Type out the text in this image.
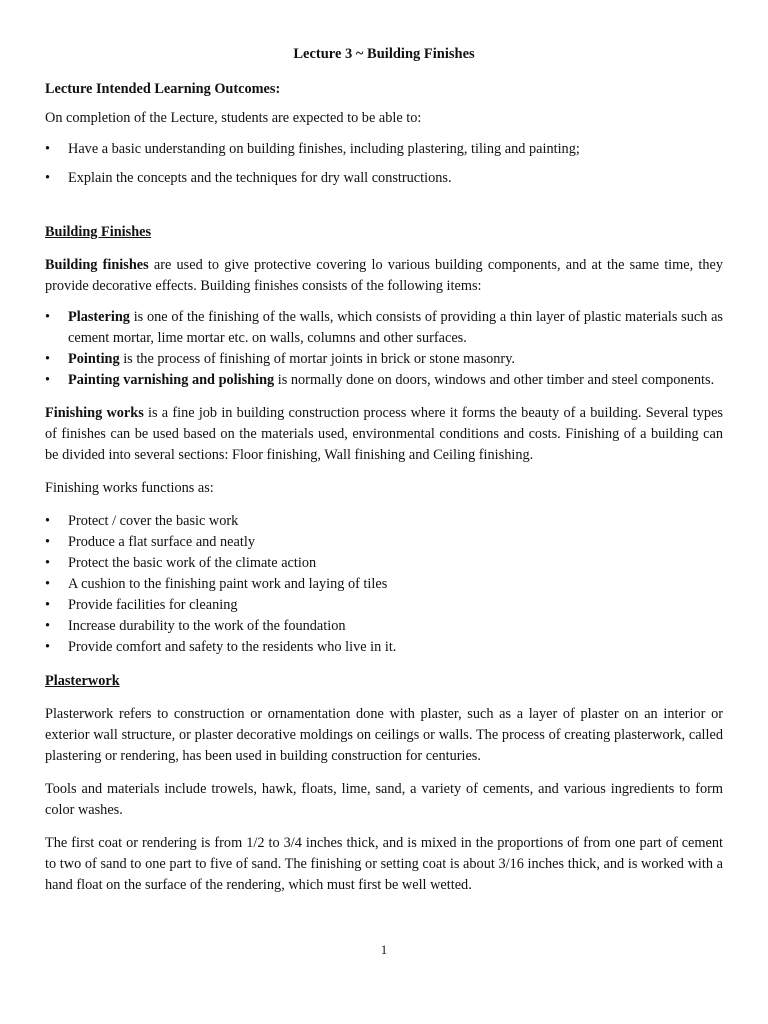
Lecture 3 ~ Building Finishes

Lecture Intended Learning Outcomes:

On completion of the Lecture, students are expected to be able to:

• Have a basic understanding on building finishes, including plastering, tiling and painting;
• Explain the concepts and the techniques for dry wall constructions.

Building Finishes

Building finishes are used to give protective covering lo various building components, and at the same time, they provide decorative effects. Building finishes consists of the following items:

• Plastering is one of the finishing of the walls, which consists of providing a thin layer of plastic materials such as cement mortar, lime mortar etc. on walls, columns and other surfaces.
• Pointing is the process of finishing of mortar joints in brick or stone masonry.
• Painting varnishing and polishing is normally done on doors, windows and other timber and steel components.

Finishing works is a fine job in building construction process where it forms the beauty of a building. Several types of finishes can be used based on the materials used, environmental conditions and costs. Finishing of a building can be divided into several sections: Floor finishing, Wall finishing and Ceiling finishing.

Finishing works functions as:

• Protect / cover the basic work
• Produce a flat surface and neatly
• Protect the basic work of the climate action
• A cushion to the finishing paint work and laying of tiles
• Provide facilities for cleaning
• Increase durability to the work of the foundation
• Provide comfort and safety to the residents who live in it.

Plasterwork

Plasterwork refers to construction or ornamentation done with plaster, such as a layer of plaster on an interior or exterior wall structure, or plaster decorative moldings on ceilings or walls. The process of creating plasterwork, called plastering or rendering, has been used in building construction for centuries.

Tools and materials include trowels, hawk, floats, lime, sand, a variety of cements, and various ingredients to form color washes.

The first coat or rendering is from 1/2 to 3/4 inches thick, and is mixed in the proportions of from one part of cement to two of sand to one part to five of sand. The finishing or setting coat is about 3/16 inches thick, and is worked with a hand float on the surface of the rendering, which must first be well wetted.

1
